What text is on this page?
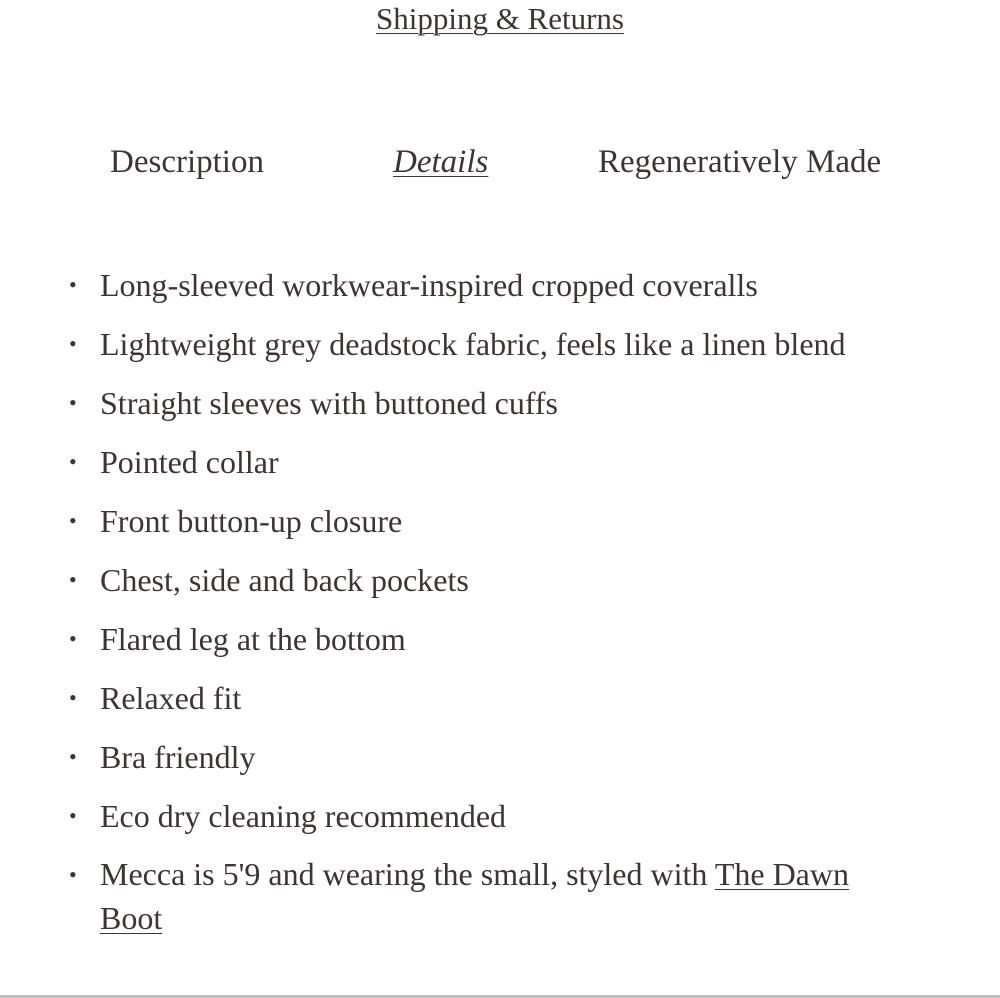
Shipping & Returns

Description	Details	Regeneratively Made
• Long-sleeved workwear-inspired cropped coveralls
• Lightweight grey deadstock fabric, feels like a linen blend
• Straight sleeves with buttoned cuffs
• Pointed collar
• Front button-up closure
• Chest, side and back pockets
• Flared leg at the bottom
• Relaxed fit
• Bra friendly
• Eco dry cleaning recommended
• Mecca is 5'9 and wearing the small, styled with The Dawn Boot
